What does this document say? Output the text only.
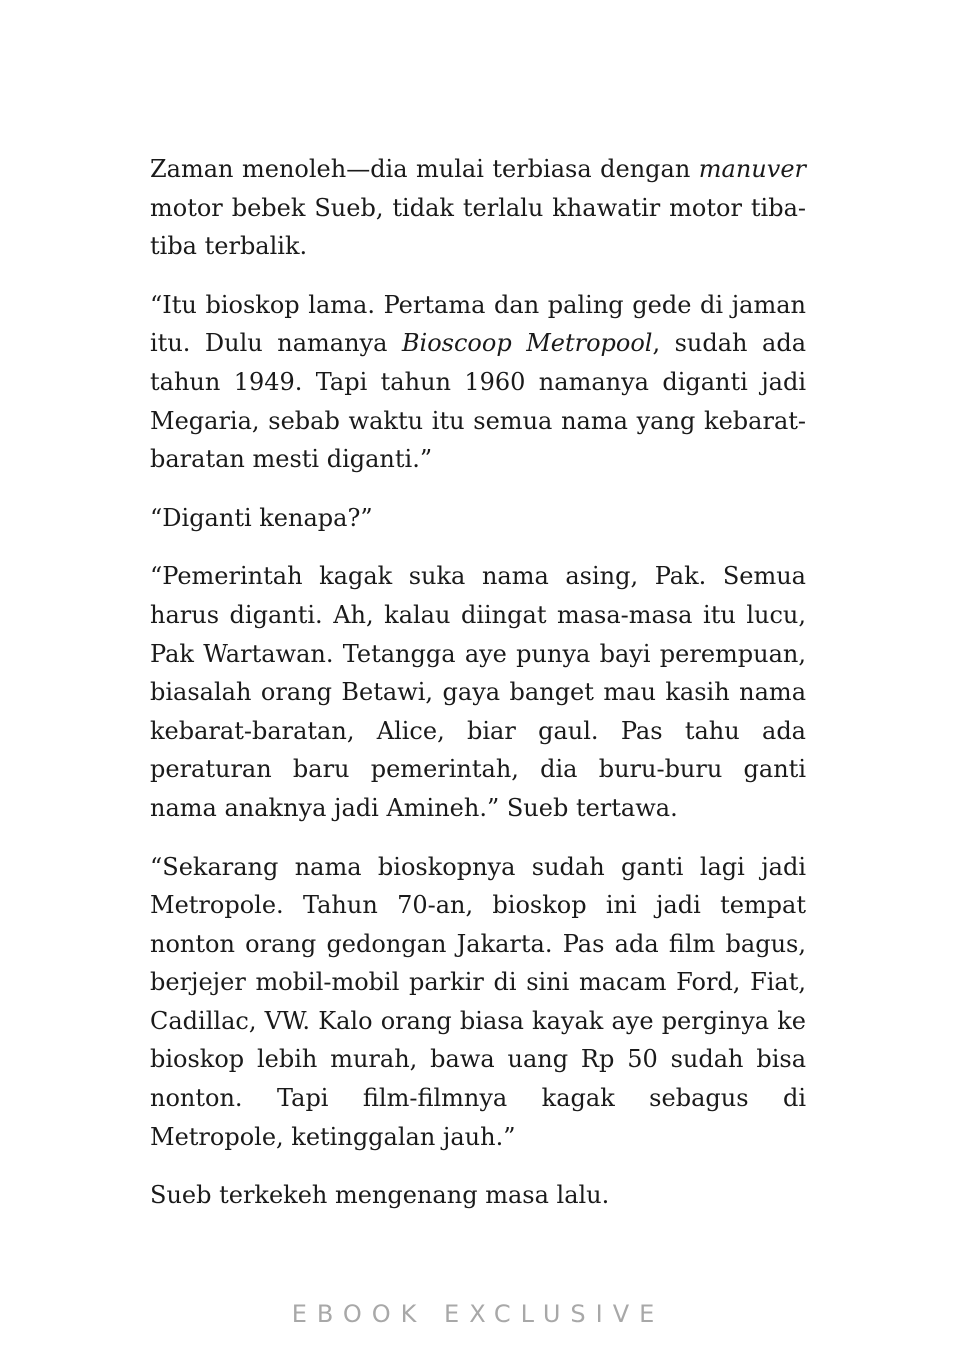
Zaman menoleh—dia mulai terbiasa dengan manuver motor bebek Sueb, tidak terlalu khawatir motor tiba-tiba terbalik.

“Itu bioskop lama. Pertama dan paling gede di jaman itu. Dulu namanya Bioscoop Metropool, sudah ada tahun 1949. Tapi tahun 1960 namanya diganti jadi Megaria, sebab waktu itu semua nama yang kebarat-baratan mesti diganti.”

“Diganti kenapa?”

“Pemerintah kagak suka nama asing, Pak. Semua harus diganti. Ah, kalau diingat masa-masa itu lucu, Pak Wartawan. Tetangga aye punya bayi perempuan, biasalah orang Betawi, gaya banget mau kasih nama kebarat-baratan, Alice, biar gaul. Pas tahu ada peraturan baru pemerintah, dia buru-buru ganti nama anaknya jadi Amineh.” Sueb tertawa.

“Sekarang nama bioskopnya sudah ganti lagi jadi Metropole. Tahun 70-an, bioskop ini jadi tempat nonton orang gedongan Jakarta. Pas ada film bagus, berjejer mobil-mobil parkir di sini macam Ford, Fiat, Cadillac, VW. Kalo orang biasa kayak aye perginya ke bioskop lebih murah, bawa uang Rp 50 sudah bisa nonton. Tapi film-filmnya kagak sebagus di Metropole, ketinggalan jauh.”

Sueb terkekeh mengenang masa lalu.

EBOOK EXCLUSIVE
